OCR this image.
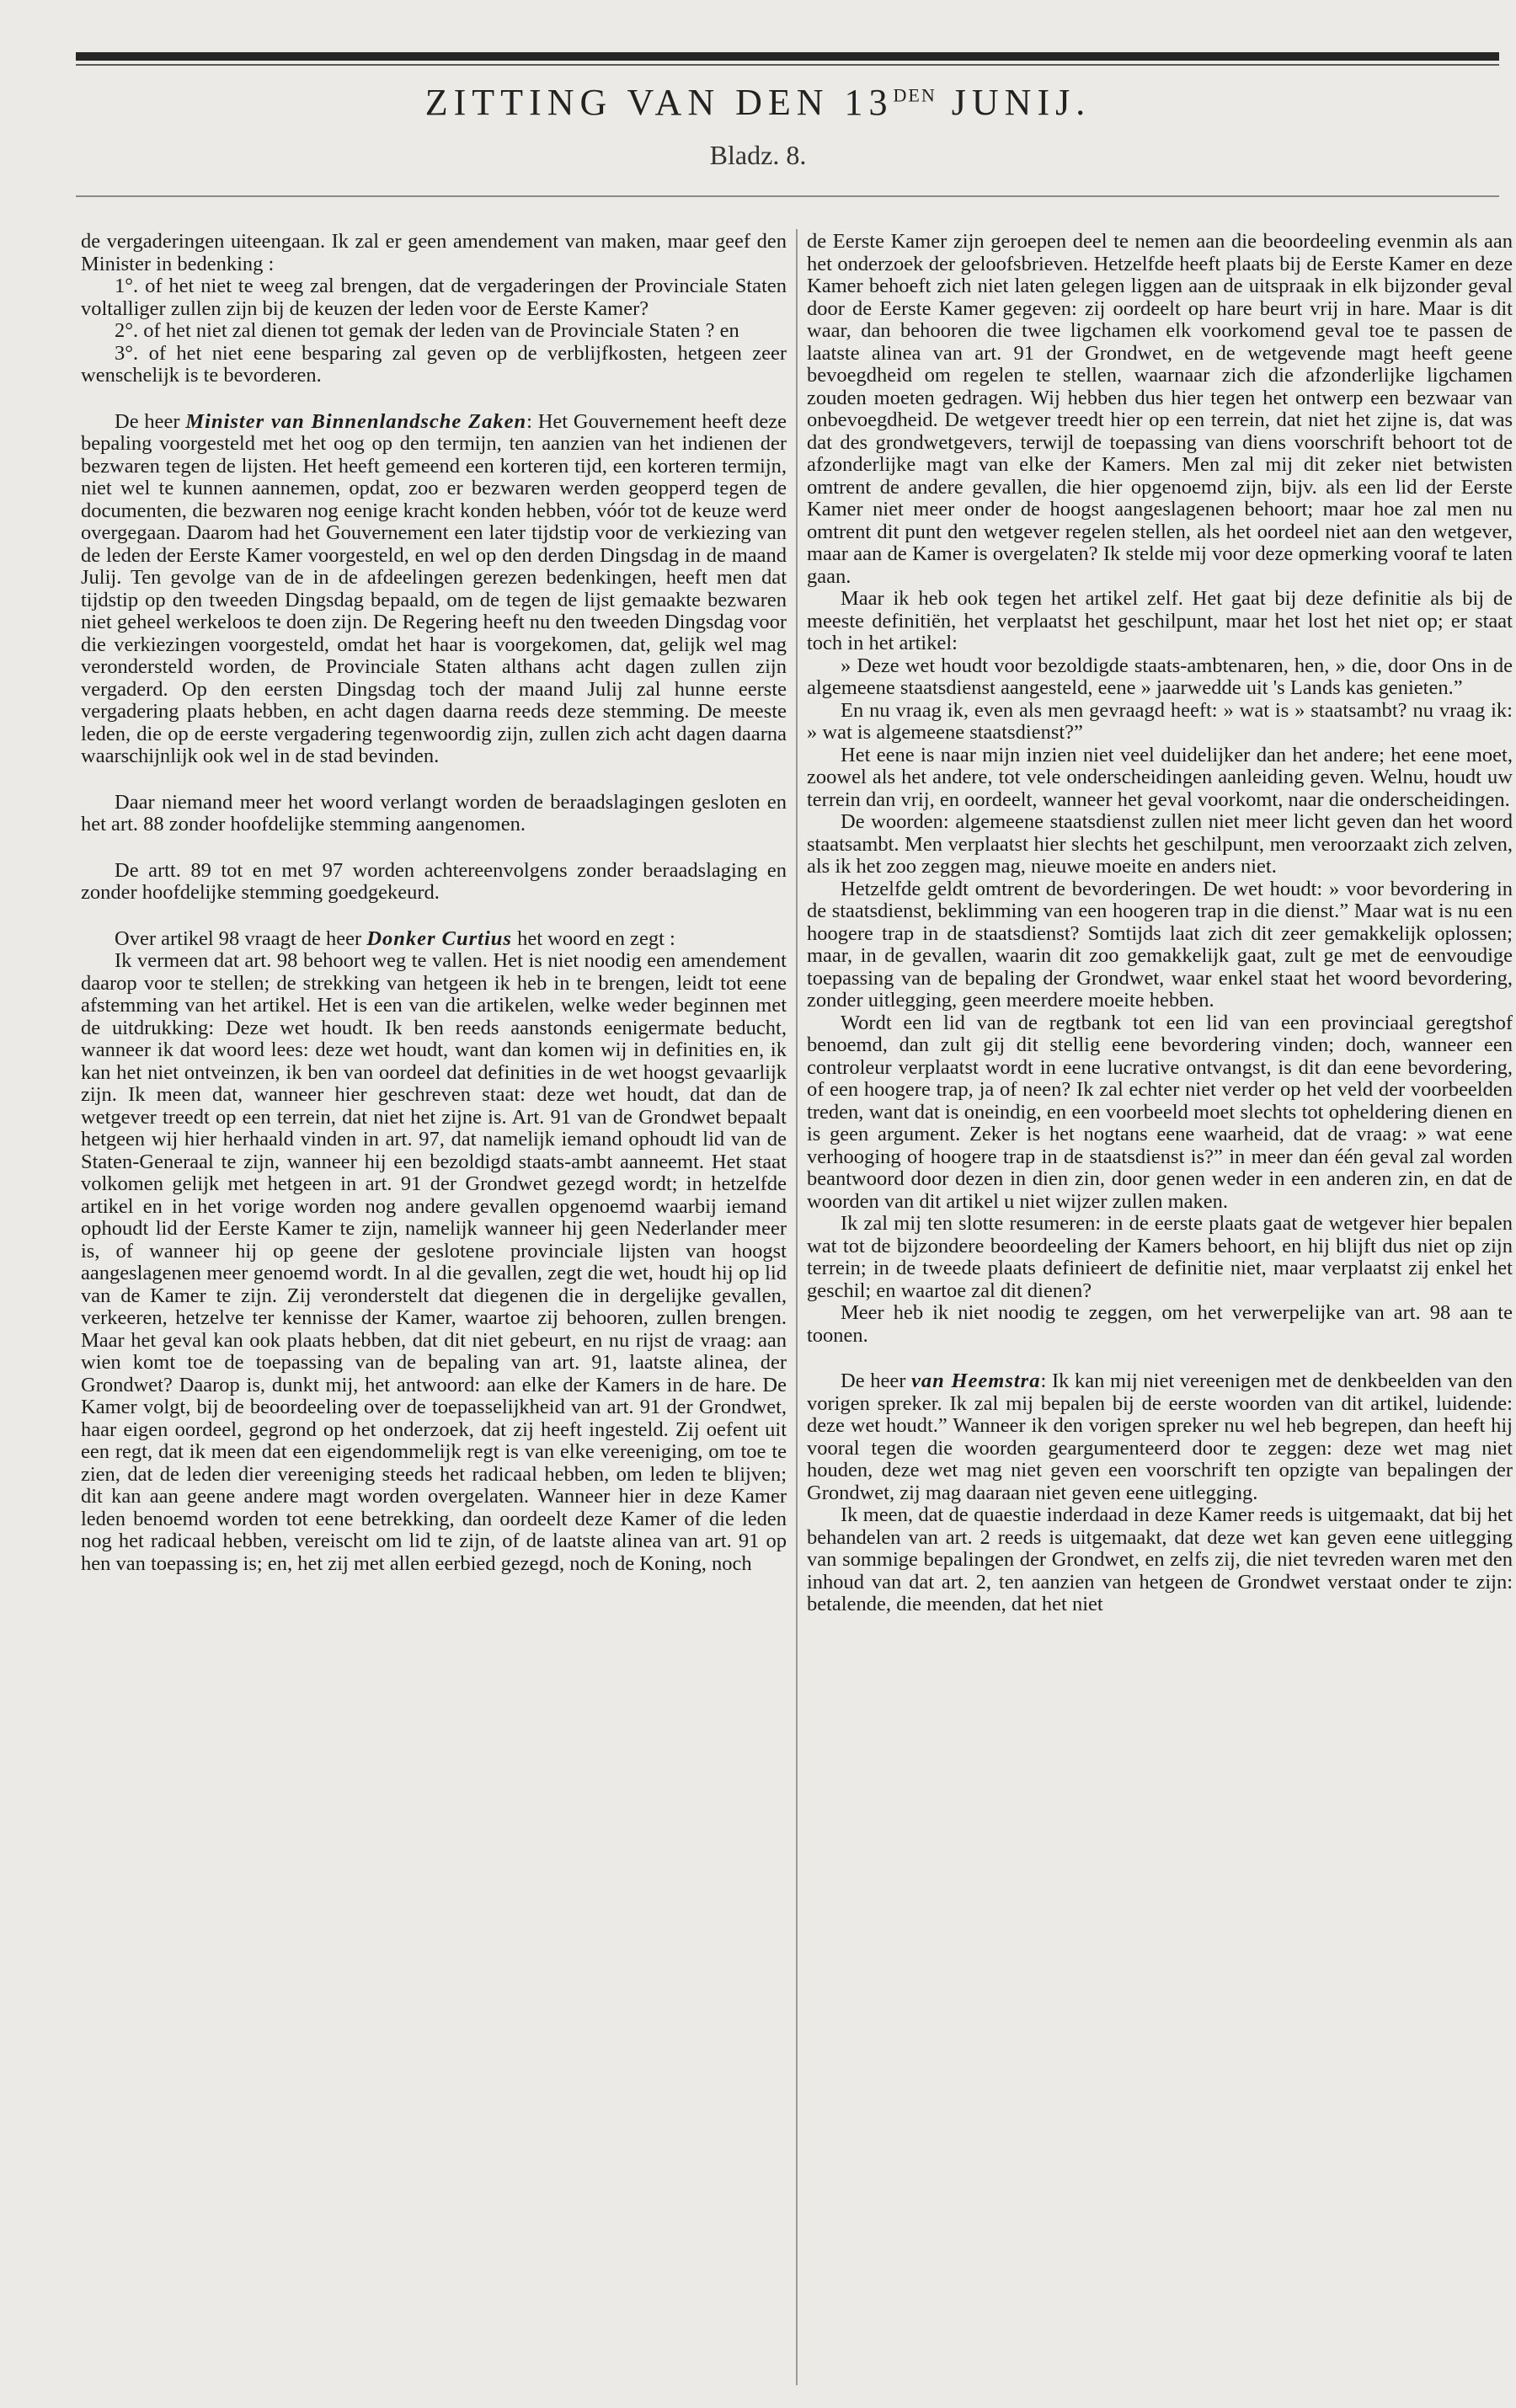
ZITTING VAN DEN $13^{DEN}$ JUNIJ.
Bladz. 8.

de vergaderingen uiteengaan. Ik zal er geen amendement van maken, maar geef den Minister in bedenking :

1°. of het niet te weeg zal brengen, dat de vergaderingen der Provinciale Staten voltalliger zullen zijn bij de keuzen der leden voor de Eerste Kamer?

2°. of het niet zal dienen tot gemak der leden van de Provinciale Staten ? en

3°. of het niet eene besparing zal geven op de verblijfkosten, hetgeen zeer wenschelijk is te bevorderen.

De heer Minister van Binnenlandsche Zaken: Het Gouvernement heeft deze bepaling voorgesteld met het oog op den termijn, ten aanzien van het indienen der bezwaren tegen de lijsten. Het heeft gemeend een korteren tijd, een korteren termijn, niet wel te kunnen aannemen, opdat, zoo er bezwaren werden geopperd tegen de documenten, die bezwaren nog eenige kracht konden hebben, vóór tot de keuze werd overgegaan. Daarom had het Gouvernement een later tijdstip voor de verkiezing van de leden der Eerste Kamer voorgesteld, en wel op den derden Dingsdag in de maand Julij. Ten gevolge van de in de afdeelingen gerezen bedenkingen, heeft men dat tijdstip op den tweeden Dingsdag bepaald, om de tegen de lijst gemaakte bezwaren niet geheel werkeloos te doen zijn. De Regering heeft nu den tweeden Dingsdag voor die verkiezingen voorgesteld, omdat het haar is voorgekomen, dat, gelijk wel mag verondersteld worden, de Provinciale Staten althans acht dagen zullen zijn vergaderd. Op den eersten Dingsdag toch der maand Julij zal hunne eerste vergadering plaats hebben, en acht dagen daarna reeds deze stemming. De meeste leden, die op de eerste vergadering tegenwoordig zijn, zullen zich acht dagen daarna waarschijnlijk ook wel in de stad bevinden.

Daar niemand meer het woord verlangt worden de beraadslagingen gesloten en het art. 88 zonder hoofdelijke stemming aangenomen.

De artt. 89 tot en met 97 worden achtereenvolgens zonder beraadslaging en zonder hoofdelijke stemming goedgekeurd.

Over artikel 98 vraagt de heer Donker Curtius het woord en zegt :

Ik vermeen dat art. 98 behoort weg te vallen. Het is niet noodig een amendement daarop voor te stellen; de strekking van hetgeen ik heb in te brengen, leidt tot eene afstemming van het artikel. Het is een van die artikelen, welke weder beginnen met de uitdrukking: Deze wet houdt. Ik ben reeds aanstonds eenigermate beducht, wanneer ik dat woord lees: deze wet houdt, want dan komen wij in definities en, ik kan het niet ontveinzen, ik ben van oordeel dat definities in de wet hoogst gevaarlijk zijn. Ik meen dat, wanneer hier geschreven staat: deze wet houdt, dat dan de wetgever treedt op een terrein, dat niet het zijne is. Art. 91 van de Grondwet bepaalt hetgeen wij hier herhaald vinden in art. 97, dat namelijk iemand ophoudt lid van de Staten-Generaal te zijn, wanneer hij een bezoldigd staats-ambt aanneemt. Het staat volkomen gelijk met hetgeen in art. 91 der Grondwet gezegd wordt; in hetzelfde artikel en in het vorige worden nog andere gevallen opgenoemd waarbij iemand ophoudt lid der Eerste Kamer te zijn, namelijk wanneer hij geen Nederlander meer is, of wanneer hij op geene der geslotene provinciale lijsten van hoogst aangeslagenen meer genoemd wordt. In al die gevallen, zegt die wet, houdt hij op lid van de Kamer te zijn. Zij veronderstelt dat diegenen die in dergelijke gevallen, verkeeren, hetzelve ter kennisse der Kamer, waartoe zij behooren, zullen brengen. Maar het geval kan ook plaats hebben, dat dit niet gebeurt, en nu rijst de vraag: aan wien komt toe de toepassing van de bepaling van art. 91, laatste alinea, der Grondwet? Daarop is, dunkt mij, het antwoord: aan elke der Kamers in de hare. De Kamer volgt, bij de beoordeeling over de toepasselijkheid van art. 91 der Grondwet, haar eigen oordeel, gegrond op het onderzoek, dat zij heeft ingesteld. Zij oefent uit een regt, dat ik meen dat een eigendommelijk regt is van elke vereeniging, om toe te zien, dat de leden dier vereeniging steeds het radicaal hebben, om leden te blijven; dit kan aan geene andere magt worden overgelaten. Wanneer hier in deze Kamer leden benoemd worden tot eene betrekking, dan oordeelt deze Kamer of die leden nog het radicaal hebben, vereischt om lid te zijn, of de laatste alinea van art. 91 op hen van toepassing is; en, het zij met allen eerbied gezegd, noch de Koning, noch

de Eerste Kamer zijn geroepen deel te nemen aan die beoordeeling evenmin als aan het onderzoek der geloofsbrieven. Hetzelfde heeft plaats bij de Eerste Kamer en deze Kamer behoeft zich niet laten gelegen liggen aan de uitspraak in elk bijzonder geval door de Eerste Kamer gegeven: zij oordeelt op hare beurt vrij in hare. Maar is dit waar, dan behooren die twee ligchamen elk voorkomend geval toe te passen de laatste alinea van art. 91 der Grondwet, en de wetgevende magt heeft geene bevoegdheid om regelen te stellen, waarnaar zich die afzonderlijke ligchamen zouden moeten gedragen. Wij hebben dus hier tegen het ontwerp een bezwaar van onbevoegdheid. De wetgever treedt hier op een terrein, dat niet het zijne is, dat was dat des grondwetgevers, terwijl de toepassing van diens voorschrift behoort tot de afzonderlijke magt van elke der Kamers. Men zal mij dit zeker niet betwisten omtrent de andere gevallen, die hier opgenoemd zijn, bijv. als een lid der Eerste Kamer niet meer onder de hoogst aangeslagenen behoort; maar hoe zal men nu omtrent dit punt den wetgever regelen stellen, als het oordeel niet aan den wetgever, maar aan de Kamer is overgelaten? Ik stelde mij voor deze opmerking vooraf te laten gaan.

Maar ik heb ook tegen het artikel zelf. Het gaat bij deze definitie als bij de meeste definitiën, het verplaatst het geschilpunt, maar het lost het niet op; er staat toch in het artikel:

» Deze wet houdt voor bezoldigde staats-ambtenaren, hen, » die, door Ons in de algemeene staatsdienst aangesteld, eene » jaarwedde uit 's Lands kas genieten.”

En nu vraag ik, even als men gevraagd heeft: » wat is » staatsambt? nu vraag ik: » wat is algemeene staatsdienst?”

Het eene is naar mijn inzien niet veel duidelijker dan het andere; het eene moet, zoowel als het andere, tot vele onderscheidingen aanleiding geven. Welnu, houdt uw terrein dan vrij, en oordeelt, wanneer het geval voorkomt, naar die onderscheidingen.

De woorden: algemeene staatsdienst zullen niet meer licht geven dan het woord staatsambt. Men verplaatst hier slechts het geschilpunt, men veroorzaakt zich zelven, als ik het zoo zeggen mag, nieuwe moeite en anders niet.

Hetzelfde geldt omtrent de bevorderingen. De wet houdt: » voor bevordering in de staatsdienst, beklimming van een hoogeren trap in die dienst.” Maar wat is nu een hoogere trap in de staatsdienst? Somtijds laat zich dit zeer gemakkelijk oplossen; maar, in de gevallen, waarin dit zoo gemakkelijk gaat, zult ge met de eenvoudige toepassing van de bepaling der Grondwet, waar enkel staat het woord bevordering, zonder uitlegging, geen meerdere moeite hebben.

Wordt een lid van de regtbank tot een lid van een provinciaal geregtshof benoemd, dan zult gij dit stellig eene bevordering vinden; doch, wanneer een controleur verplaatst wordt in eene lucrative ontvangst, is dit dan eene bevordering, of een hoogere trap, ja of neen? Ik zal echter niet verder op het veld der voorbeelden treden, want dat is oneindig, en een voorbeeld moet slechts tot opheldering dienen en is geen argument. Zeker is het nogtans eene waarheid, dat de vraag: » wat eene verhooging of hoogere trap in de staatsdienst is?” in meer dan één geval zal worden beantwoord door dezen in dien zin, door genen weder in een anderen zin, en dat de woorden van dit artikel u niet wijzer zullen maken.

Ik zal mij ten slotte resumeren: in de eerste plaats gaat de wetgever hier bepalen wat tot de bijzondere beoordeeling der Kamers behoort, en hij blijft dus niet op zijn terrein; in de tweede plaats definieert de definitie niet, maar verplaatst zij enkel het geschil; en waartoe zal dit dienen?

Meer heb ik niet noodig te zeggen, om het verwerpelijke van art. 98 aan te toonen.

De heer van Heemstra: Ik kan mij niet vereenigen met de denkbeelden van den vorigen spreker. Ik zal mij bepalen bij de eerste woorden van dit artikel, luidende: deze wet houdt.” Wanneer ik den vorigen spreker nu wel heb begrepen, dan heeft hij vooral tegen die woorden geargumenteerd door te zeggen: deze wet mag niet houden, deze wet mag niet geven een voorschrift ten opzigte van bepalingen der Grondwet, zij mag daaraan niet geven eene uitlegging.

Ik meen, dat de quaestie inderdaad in deze Kamer reeds is uitgemaakt, dat bij het behandelen van art. 2 reeds is uitgemaakt, dat deze wet kan geven eene uitlegging van sommige bepalingen der Grondwet, en zelfs zij, die niet tevreden waren met den inhoud van dat art. 2, ten aanzien van hetgeen de Grondwet verstaat onder te zijn: betalende, die meenden, dat het niet
